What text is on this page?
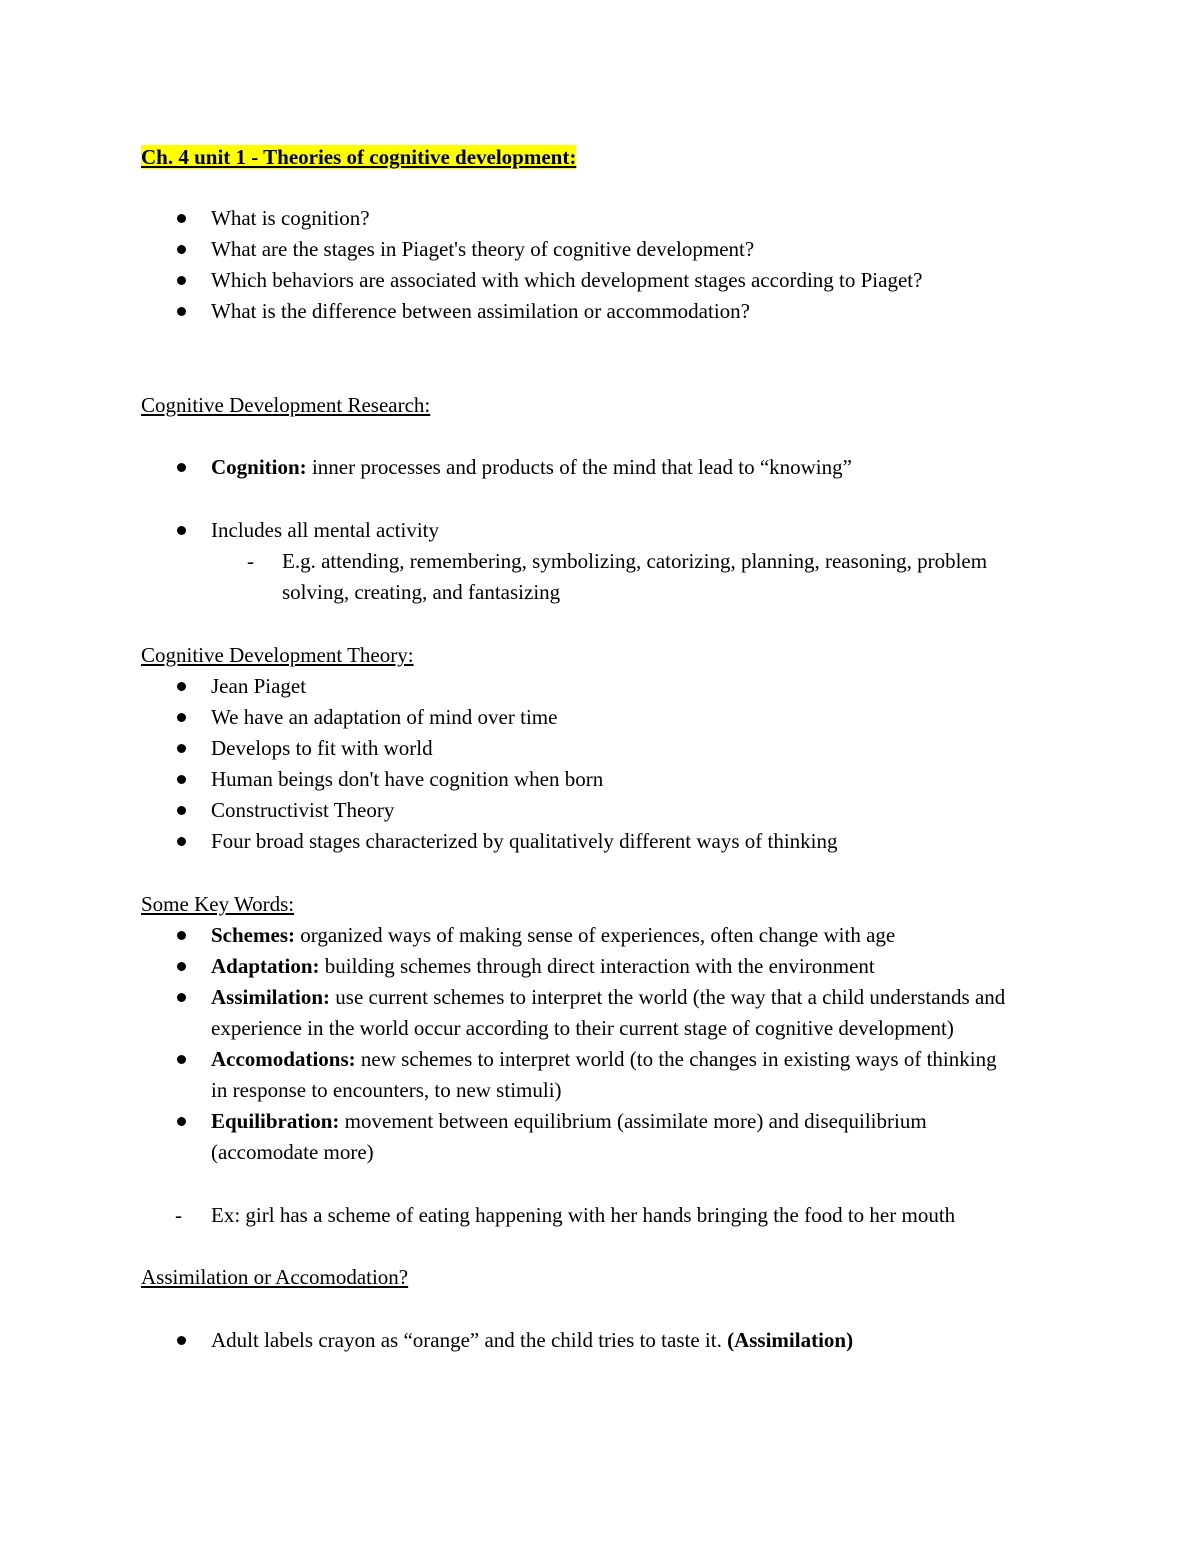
Ch. 4 unit 1 - Theories of cognitive development:
What is cognition?
What are the stages in Piaget's theory of cognitive development?
Which behaviors are associated with which development stages according to Piaget?
What is the difference between assimilation or accommodation?
Cognitive Development Research:
Cognition: inner processes and products of the mind that lead to “knowing”
Includes all mental activity
- E.g. attending, remembering, symbolizing, catorizing, planning, reasoning, problem solving, creating, and fantasizing
Cognitive Development Theory:
Jean Piaget
We have an adaptation of mind over time
Develops to fit with world
Human beings don't have cognition when born
Constructivist Theory
Four broad stages characterized by qualitatively different ways of thinking
Some Key Words:
Schemes: organized ways of making sense of experiences, often change with age
Adaptation: building schemes through direct interaction with the environment
Assimilation: use current schemes to interpret the world (the way that a child understands and experience in the world occur according to their current stage of cognitive development)
Accomodations: new schemes to interpret world (to the changes in existing ways of thinking in response to encounters, to new stimuli)
Equilibration: movement between equilibrium (assimilate more) and disequilibrium (accomodate more)
- Ex: girl has a scheme of eating happening with her hands bringing the food to her mouth
Assimilation or Accomodation?
Adult labels crayon as “orange” and the child tries to taste it. (Assimilation)
